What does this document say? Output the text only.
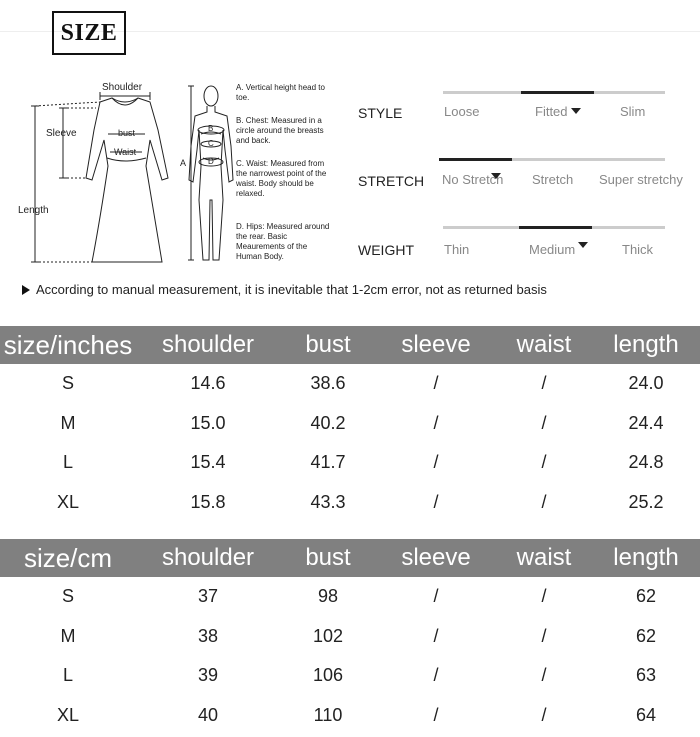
SIZE
Shoulder
Sleeve
Length
bust
Waist
A
B
C
D
A. Vertical height head to toe.
B. Chest: Measured in a circle around the breasts and back.
C. Waist: Measured from the narrowest point of the waist. Body should be relaxed.
D. Hips: Measured around the rear. Basic Meaurements of the Human Body.
STYLE	Loose	Fitted	Slim
STRETCH No Stretch Stretch Super stretchy
WEIGHT Thin	Medium	Thick
According to manual measurement, it is inevitable that 1-2cm error, not as returned basis
size/inches	shoulder	bust	sleeve	waist	length
S	14.6	38.6	/	/	24.0
M	15.0	40.2	/	/	24.4
L	15.4	41.7	/	/	24.8
XL	15.8	43.3	/	/	25.2
size/cm	shoulder	bust	sleeve	waist	length
S	37	98	/	/	62
M	38	102	/	/	62
L	39	106	/	/	63
XL	40	110	/	/	64
